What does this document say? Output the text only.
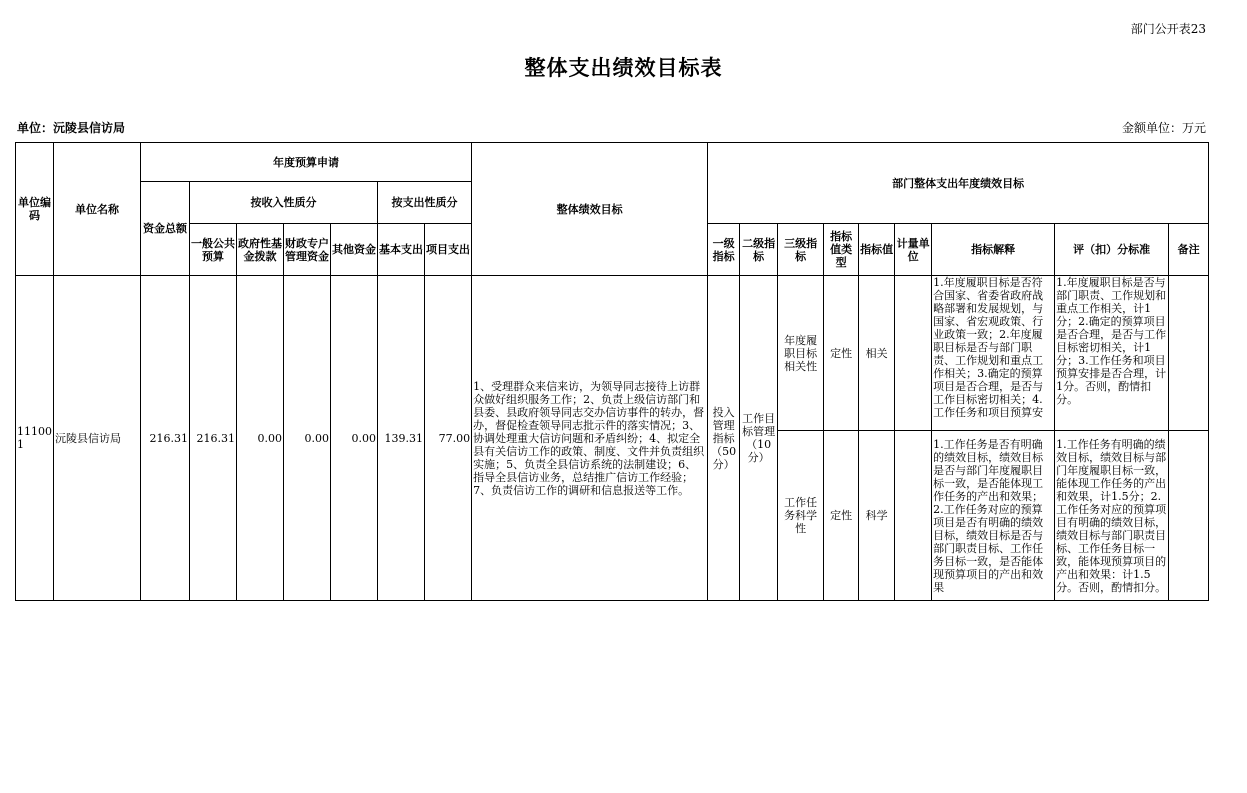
部门公开表23
整体支出绩效目标表
单位：沅陵县信访局	金额单位：万元
单位编码	单位名称	年度预算申请							整体绩效目标	部门整体支出年度绩效目标								
		资金总额	按收入性质分				按支出性质分											
			一般公共预算	政府性基金拨款	财政专户管理资金	其他资金	基本支出	项目支出		一级指标	二级指标	三级指标	指标值类型	指标值	计量单位	指标解释	评（扣）分标准	备注
111001	沅陵县信访局	216.31	216.31	0.00	0.00	0.00	139.31	77.00	1、受理群众来信来访，为领导同志接待上访群众做好组织服务工作；2、负责上级信访部门和县委、县政府领导同志交办信访事件的转办，督办，督促检查领导同志批示件的落实情况；3、协调处理重大信访问题和矛盾纠纷；4、拟定全县有关信访工作的政策、制度、文件并负责组织实施；5、负责全县信访系统的法制建设；6、指导全县信访业务，总结推广信访工作经验；7、负责信访工作的调研和信息报送等工作。	投入管理指标（50分）	工作目标管理（10分）	年度履职目标相关性	定性	相关		1.年度履职目标是否符合国家、省委省政府战略部署和发展规划，与国家、省宏观政策、行业政策一致；2.年度履职目标是否与部门职责、工作规划和重点工作相关；3.确定的预算项目是否合理，是否与工作目标密切相关；4.工作任务和项目预算安	1.年度履职目标是否与部门职责、工作规划和重点工作相关，计1分；2.确定的预算项目是否合理，是否与工作目标密切相关，计1分；3.工作任务和项目预算安排是否合理，计1分。否则，酌情扣分。	

												工作任务科学性	定性	科学		1.工作任务是否有明确的绩效目标，绩效目标是否与部门年度履职目标一致，是否能体现工作任务的产出和效果；2.工作任务对应的预算项目是否有明确的绩效目标，绩效目标是否与部门职责目标、工作任务目标一致，是否能体现预算项目的产出和效果	1.工作任务有明确的绩效目标，绩效目标与部门年度履职目标一致，能体现工作任务的产出和效果，计1.5分；2.工作任务对应的预算项目有明确的绩效目标，绩效目标与部门职责目标、工作任务目标一致，能体现预算项目的产出和效果：计1.5分。否则，酌情扣分。	
